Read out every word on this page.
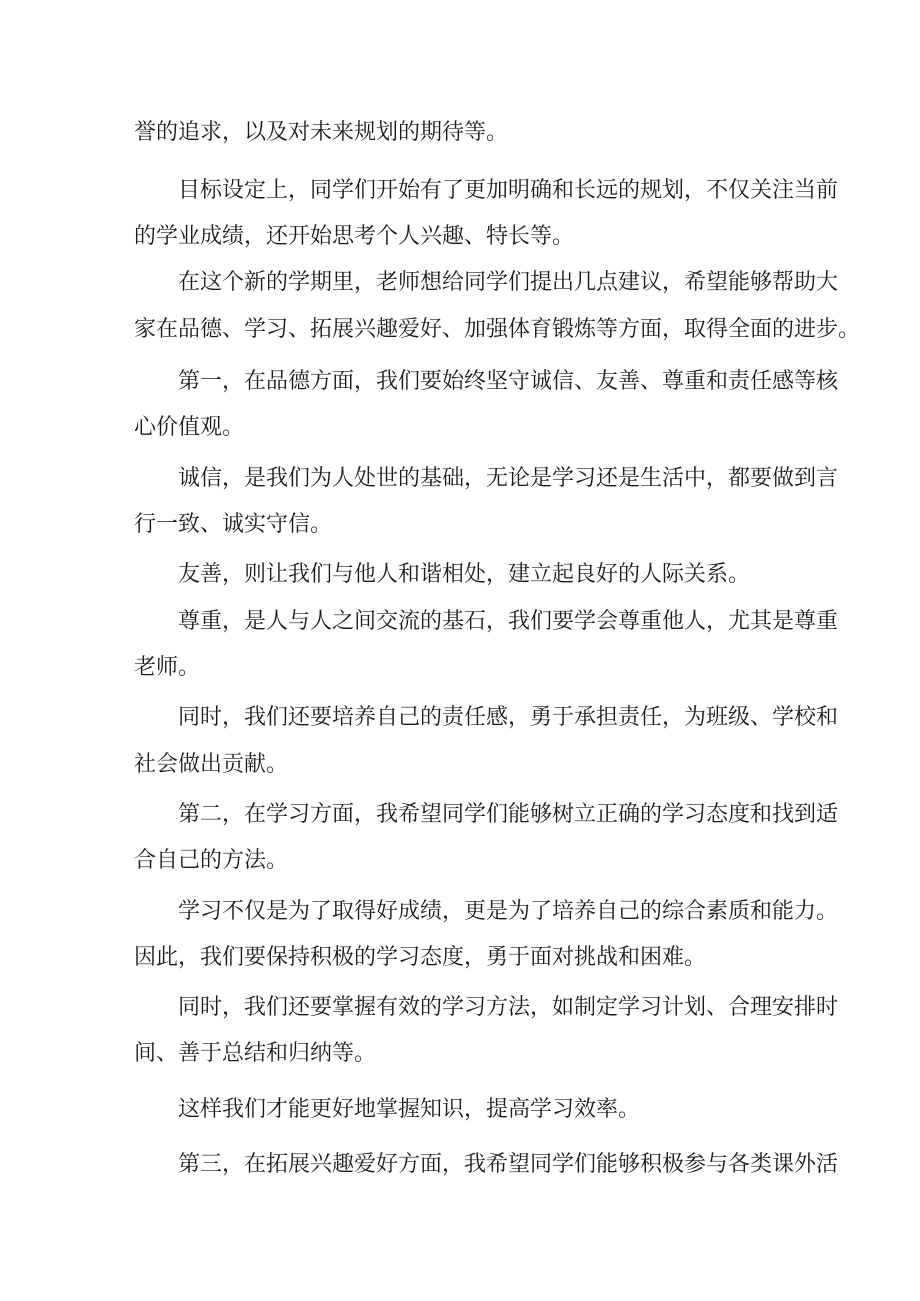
誉的追求，以及对未来规划的期待等。

目标设定上，同学们开始有了更加明确和长远的规划，不仅关注当前

的学业成绩，还开始思考个人兴趣、特长等。

在这个新的学期里，老师想给同学们提出几点建议，希望能够帮助大

家在品德、学习、拓展兴趣爱好、加强体育锻炼等方面，取得全面的进步。

第一，在品德方面，我们要始终坚守诚信、友善、尊重和责任感等核

心价值观。

诚信，是我们为人处世的基础，无论是学习还是生活中，都要做到言

行一致、诚实守信。

友善，则让我们与他人和谐相处，建立起良好的人际关系。

尊重，是人与人之间交流的基石，我们要学会尊重他人，尤其是尊重

老师。

同时，我们还要培养自己的责任感，勇于承担责任，为班级、学校和

社会做出贡献。

第二，在学习方面，我希望同学们能够树立正确的学习态度和找到适

合自己的方法。

学习不仅是为了取得好成绩，更是为了培养自己的综合素质和能力。

因此，我们要保持积极的学习态度，勇于面对挑战和困难。

同时，我们还要掌握有效的学习方法，如制定学习计划、合理安排时

间、善于总结和归纳等。

这样我们才能更好地掌握知识，提高学习效率。

第三，在拓展兴趣爱好方面，我希望同学们能够积极参与各类课外活
